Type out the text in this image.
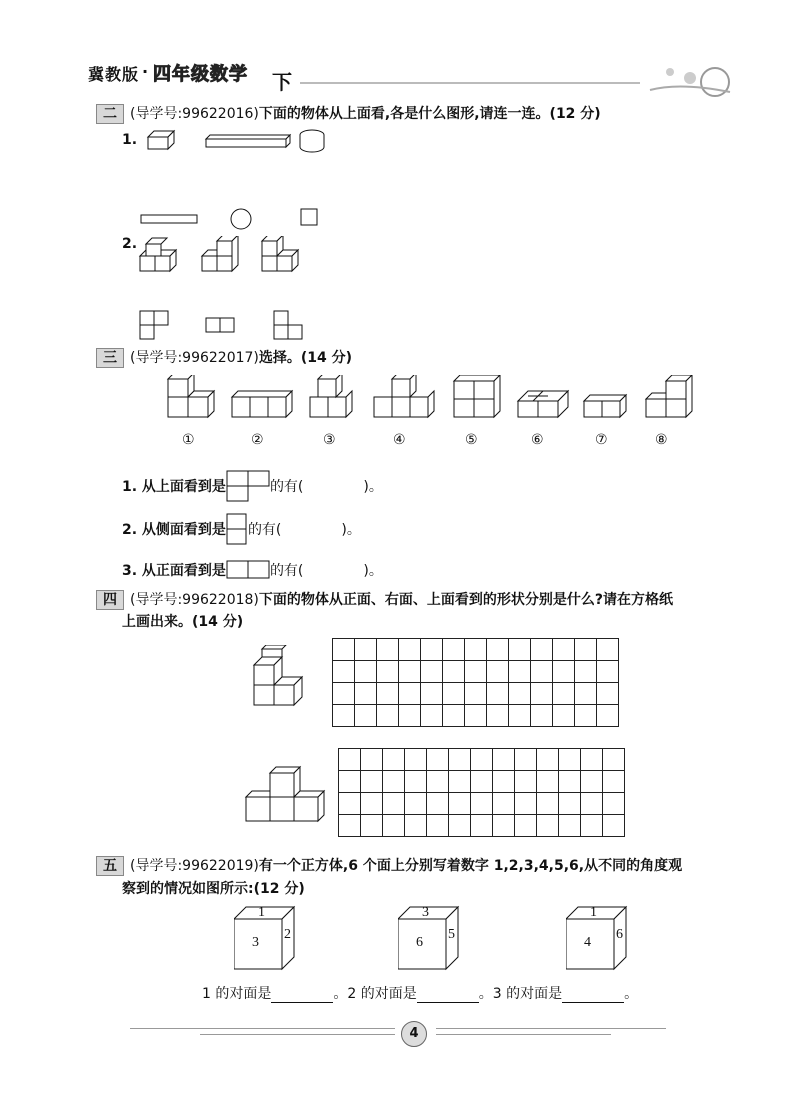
冀教版 · 四年级数学 下
二 (导学号:99622016)下面的物体从上面看,各是什么图形,请连一连。(12 分)
1.
2.
三 (导学号:99622017)选择。(14 分)
①	②	③	④	⑤	⑥	⑦	⑧
1. 从上面看到是	的有(	)。
2. 从侧面看到是 的有(	)。
3. 从正面看到是	的有(	)。
四 (导学号:99622018)下面的物体从正面、右面、上面看到的形状分别是什么?请在方格纸
上画出来。(14 分)

五 (导学号:99622019)有一个正方体,6 个面上分别写着数字 1,2,3,4,5,6,从不同的角度观
察到的情况如图所示:(12 分)
1
3
2
3
6
5
1
4
6
1 的对面是	。2 的对面是	。3 的对面是	。
4
